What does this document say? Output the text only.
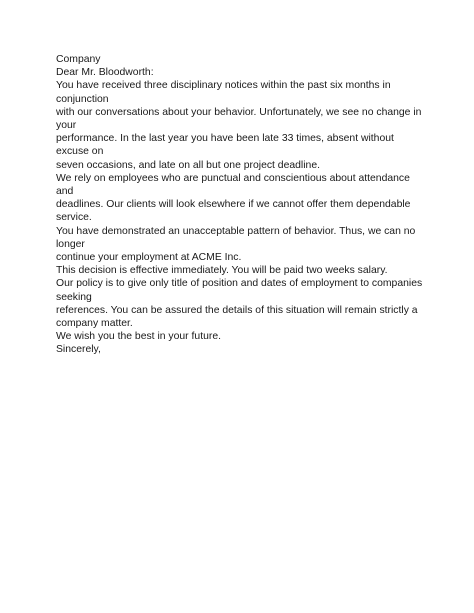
Company

Dear Mr. Bloodworth:

You have received three disciplinary notices within the past six months in conjunction
with our conversations about your behavior. Unfortunately, we see no change in your
performance. In the last year you have been late 33 times, absent without excuse on
seven occasions, and late on all but one project deadline.

We rely on employees who are punctual and conscientious about attendance and
deadlines. Our clients will look elsewhere if we cannot offer them dependable service.
You have demonstrated an unacceptable pattern of behavior. Thus, we can no longer
continue your employment at ACME Inc.

This decision is effective immediately. You will be paid two weeks salary.

Our policy is to give only title of position and dates of employment to companies seeking
references. You can be assured the details of this situation will remain strictly a
company matter.

We wish you the best in your future.

Sincerely,
